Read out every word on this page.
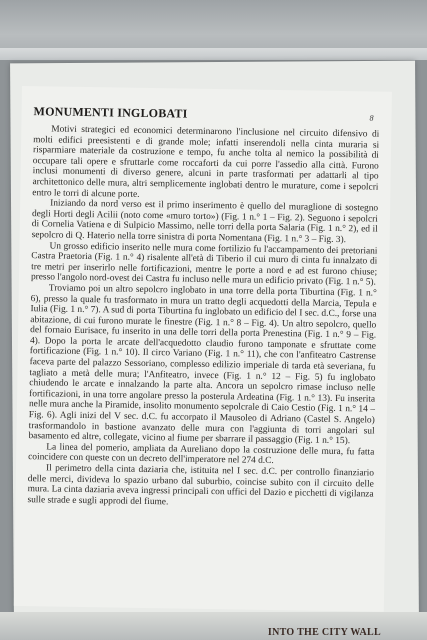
MONUMENTI INGLOBATI	8

Motivi strategici ed economici determinarono l'inclusione nel circuito difensivo di molti edifici preesistenti e di grande mole; infatti inserendoli nella cinta muraria si risparmiare materiale da costruzione e tempo, fu anche tolta al nemico la possibilità di occupare tali opere e sfruttarle come roccaforti da cui porre l'assedio alla città. Furono inclusi monumenti di diverso genere, alcuni in parte trasformati per adattarli al tipo architettonico delle mura, altri semplicemente inglobati dentro le murature, come i sepolcri entro le torri di alcune porte.

Iniziando da nord verso est il primo inserimento è quello del muraglione di sostegno degli Horti degli Acilii (noto come «muro torto») (Fig. 1 n.° 1 – Fig. 2). Seguono i sepolcri di Cornelia Vatiena e di Sulpicio Massimo, nelle torri della porta Salaria (Fig. 1 n.° 2), ed il sepolcro di Q. Haterio nella torre sinistra di porta Nomentana (Fig. 1 n.° 3 – Fig. 3).

Un grosso edificio inserito nelle mura come fortilizio fu l'accampamento dei pretoriani Castra Praetoria (Fig. 1 n.° 4) risalente all'età di Tiberio il cui muro di cinta fu innalzato di tre metri per inserirlo nelle fortificazioni, mentre le porte a nord e ad est furono chiuse; presso l'angolo nord-ovest dei Castra fu incluso nelle mura un edificio privato (Fig. 1 n.° 5).

Troviamo poi un altro sepolcro inglobato in una torre della porta Tiburtina (Fig. 1 n.° 6), presso la quale fu trasformato in mura un tratto degli acquedotti della Marcia, Tepula e Iulia (Fig. 1 n.° 7). A sud di porta Tiburtina fu inglobato un edificio del I sec. d.C., forse una abitazione, di cui furono murate le finestre (Fig. 1 n.° 8 – Fig. 4). Un altro sepolcro, quello del fornaio Eurisace, fu inserito in una delle torri della porta Prenestina (Fig. 1 n.° 9 – Fig. 4). Dopo la porta le arcate dell'acquedotto claudio furono tamponate e sfruttate come fortificazione (Fig. 1 n.° 10). Il circo Variano (Fig. 1 n.° 11), che con l'anfiteatro Castrense faceva parte del palazzo Sessoriano, complesso edilizio imperiale di tarda età severiana, fu tagliato a metà delle mura; l'Anfiteatro, invece (Fig. 1 n.° 12 – Fig. 5) fu inglobato chiudendo le arcate e innalzando la parte alta. Ancora un sepolcro rimase incluso nelle fortificazioni, in una torre angolare presso la posterula Ardeatina (Fig. 1 n.° 13). Fu inserita nelle mura anche la Piramide, insolito monumento sepolcrale di Caio Cestio (Fig. 1 n.° 14 – Fig. 6). Agli inizi del V sec. d.C. fu accorpato il Mausoleo di Adriano (Castel S. Angelo) trasformandolo in bastione avanzato delle mura con l'aggiunta di torri angolari sul basamento ed altre, collegate, vicino al fiume per sbarrare il passaggio (Fig. 1 n.° 15).

La linea del pomerio, ampliata da Aureliano dopo la costruzione delle mura, fu fatta coincidere con queste con un decreto dell'imperatore nel 274 d.C.

Il perimetro della cinta daziaria che, istituita nel I sec. d.C. per controllo finanziario delle merci, divideva lo spazio urbano dal suburbio, coincise subito con il circuito delle mura. La cinta daziaria aveva ingressi principali con uffici del Dazio e picchetti di vigilanza sulle strade e sugli approdi del fiume.

INTO THE CITY WALL
